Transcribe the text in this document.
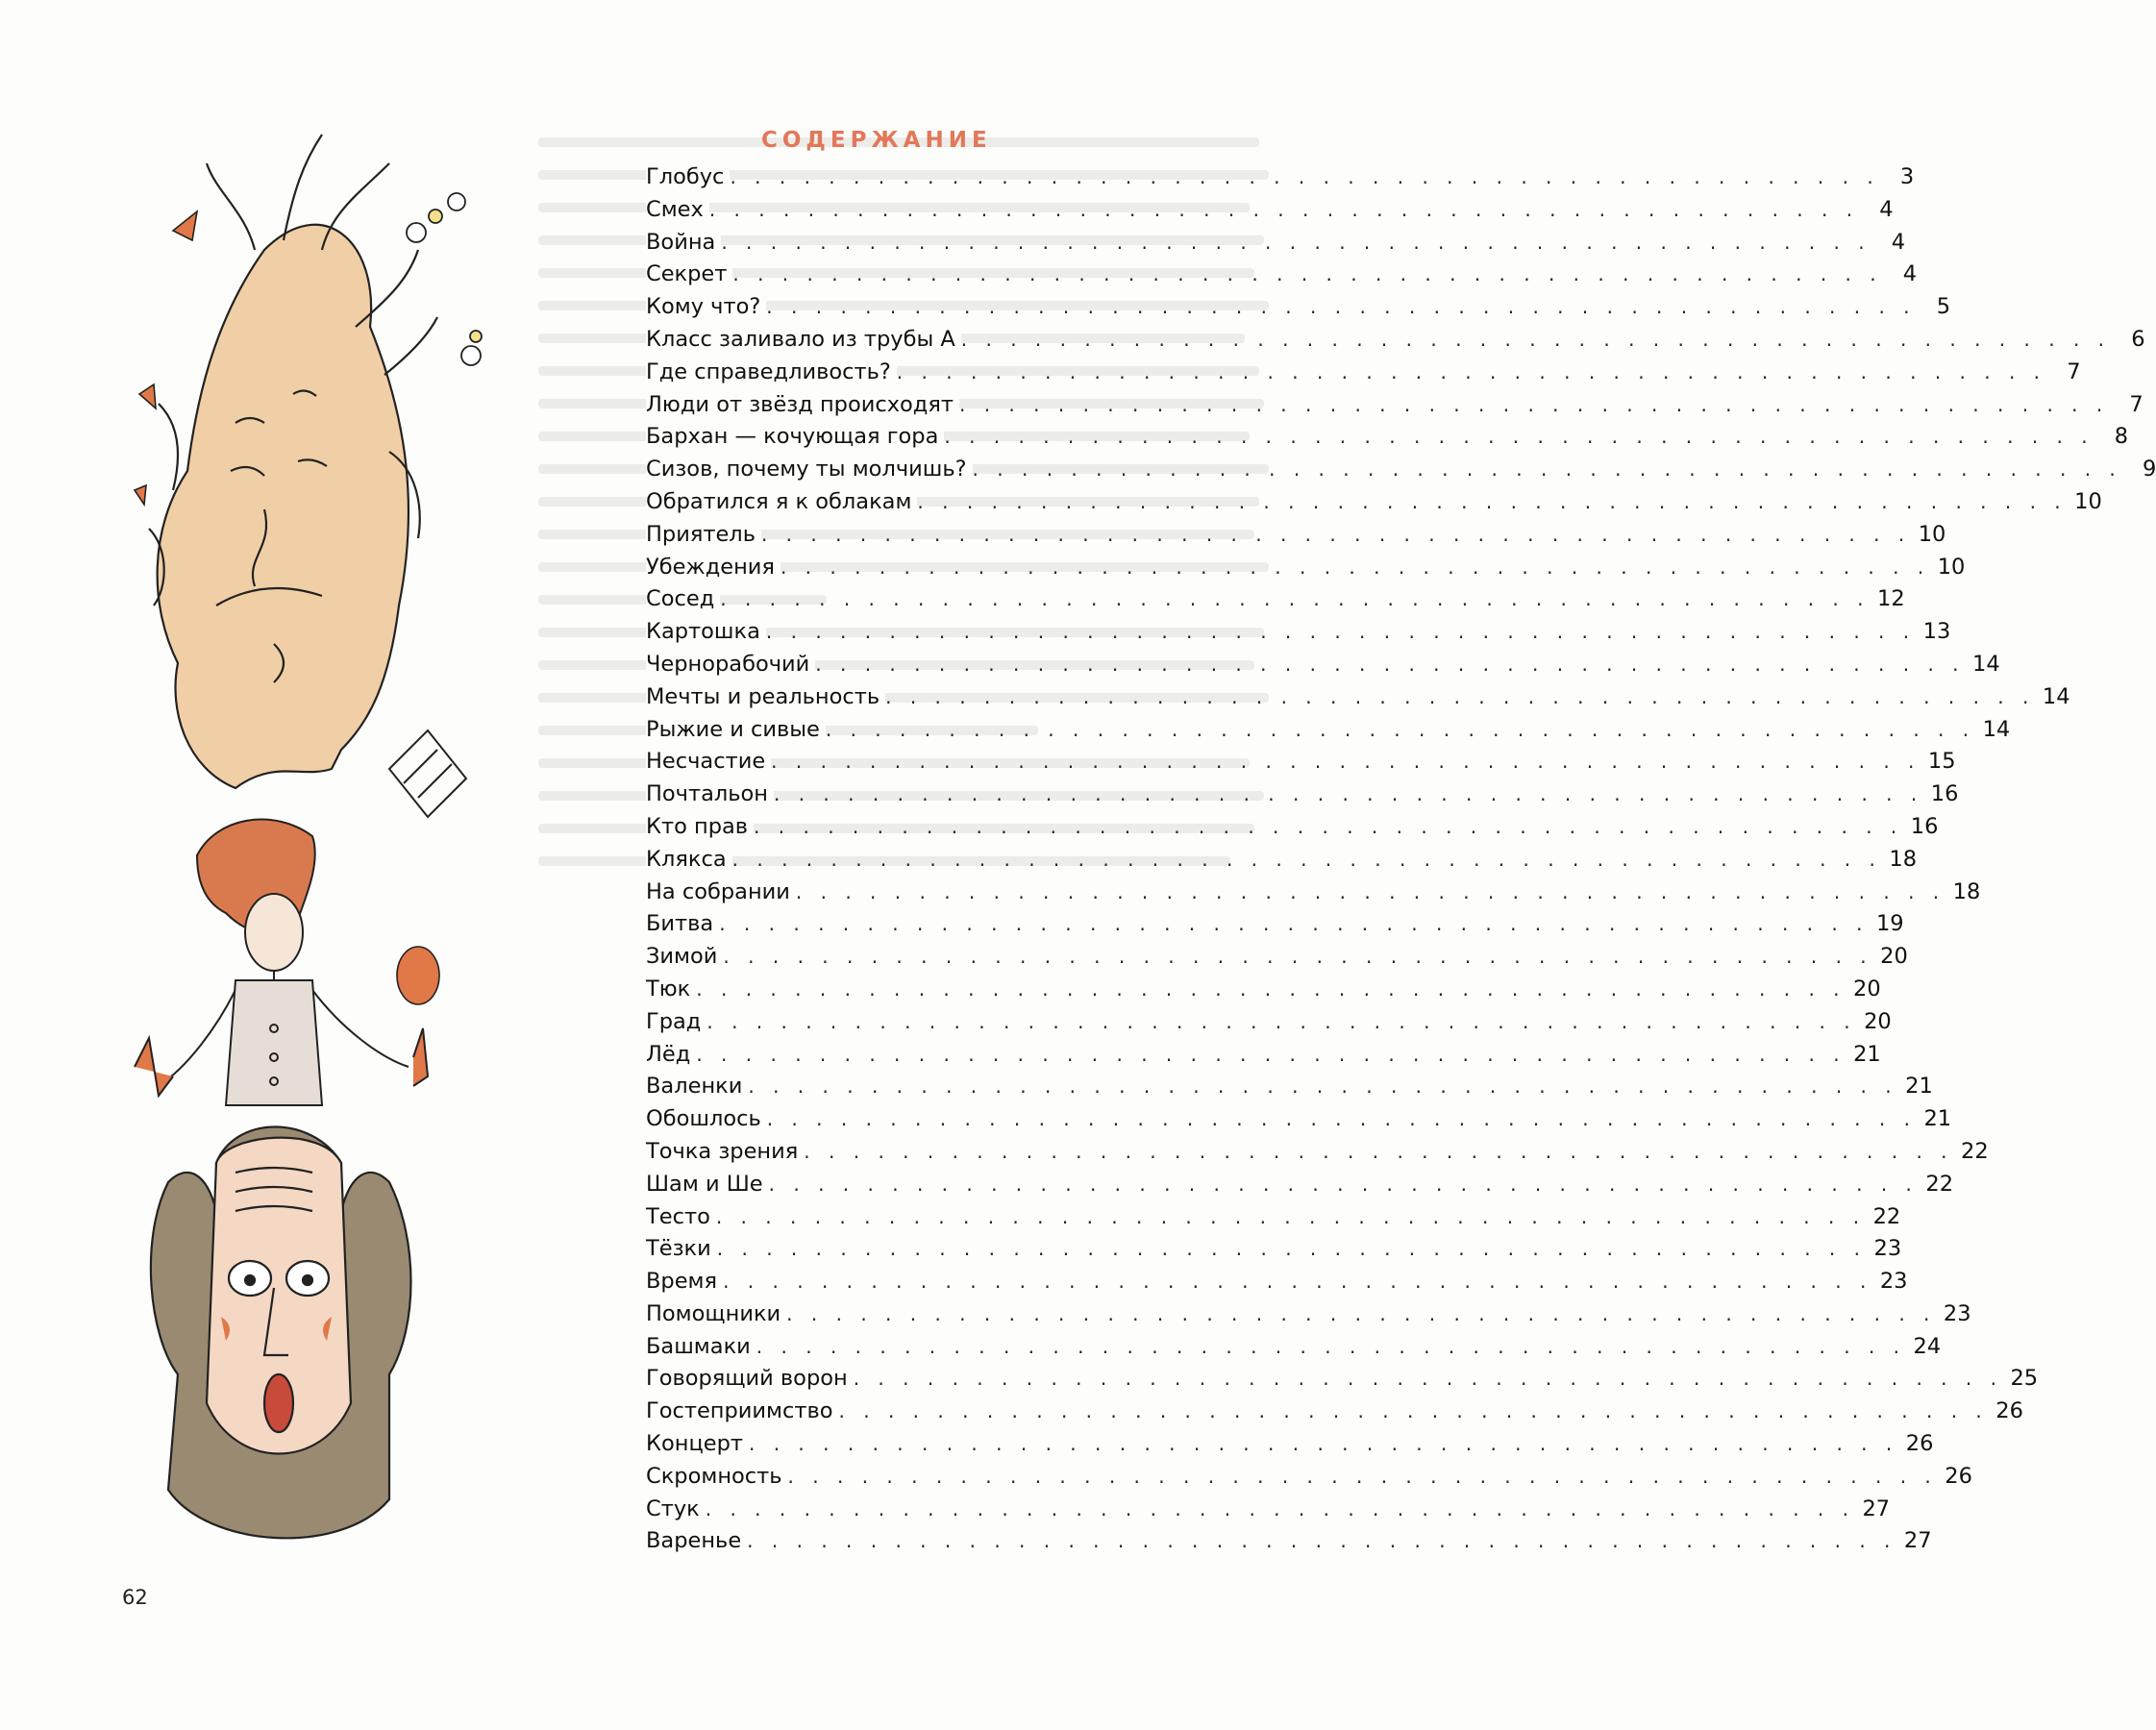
СОДЕРЖАНИЕ
Глобус . . . . . . . . . . . . . . . . . . . . . . . . . . . . . . . . . . . . . . . . . . . . . . . 3
Смех . . . . . . . . . . . . . . . . . . . . . . . . . . . . . . . . . . . . . . . . . . . . . . . 4
Война . . . . . . . . . . . . . . . . . . . . . . . . . . . . . . . . . . . . . . . . . . . . . . . 4
Секрет . . . . . . . . . . . . . . . . . . . . . . . . . . . . . . . . . . . . . . . . . . . . . . . 4
Кому что? . . . . . . . . . . . . . . . . . . . . . . . . . . . . . . . . . . . . . . . . . . . . . . . 5
Класс заливало из трубы А . . . . . . . . . . . . . . . . . . . . . . . . . . . . . . . . . . . . . . . . . . . . . . . 6
Где справедливость? . . . . . . . . . . . . . . . . . . . . . . . . . . . . . . . . . . . . . . . . . . . . . . . 7
Люди от звёзд происходят . . . . . . . . . . . . . . . . . . . . . . . . . . . . . . . . . . . . . . . . . . . . . . . 7
Бархан — кочующая гора . . . . . . . . . . . . . . . . . . . . . . . . . . . . . . . . . . . . . . . . . . . . . . . 8
Сизов, почему ты молчишь? . . . . . . . . . . . . . . . . . . . . . . . . . . . . . . . . . . . . . . . . . . . . . . . 9
Обратился я к облакам . . . . . . . . . . . . . . . . . . . . . . . . . . . . . . . . . . . . . . . . . . . . . . . 10
Приятель . . . . . . . . . . . . . . . . . . . . . . . . . . . . . . . . . . . . . . . . . . . . . . . 10
Убеждения . . . . . . . . . . . . . . . . . . . . . . . . . . . . . . . . . . . . . . . . . . . . . . . 10
Сосед . . . . . . . . . . . . . . . . . . . . . . . . . . . . . . . . . . . . . . . . . . . . . . . 12
Картошка . . . . . . . . . . . . . . . . . . . . . . . . . . . . . . . . . . . . . . . . . . . . . . . 13
Чернорабочий . . . . . . . . . . . . . . . . . . . . . . . . . . . . . . . . . . . . . . . . . . . . . . . 14
Мечты и реальность . . . . . . . . . . . . . . . . . . . . . . . . . . . . . . . . . . . . . . . . . . . . . . . 14
Рыжие и сивые . . . . . . . . . . . . . . . . . . . . . . . . . . . . . . . . . . . . . . . . . . . . . . . 14
Несчастие . . . . . . . . . . . . . . . . . . . . . . . . . . . . . . . . . . . . . . . . . . . . . . . 15
Почтальон . . . . . . . . . . . . . . . . . . . . . . . . . . . . . . . . . . . . . . . . . . . . . . . 16
Кто прав . . . . . . . . . . . . . . . . . . . . . . . . . . . . . . . . . . . . . . . . . . . . . . . 16
Клякса . . . . . . . . . . . . . . . . . . . . . . . . . . . . . . . . . . . . . . . . . . . . . . . 18
На собрании . . . . . . . . . . . . . . . . . . . . . . . . . . . . . . . . . . . . . . . . . . . . . . . 18
Битва . . . . . . . . . . . . . . . . . . . . . . . . . . . . . . . . . . . . . . . . . . . . . . . 19
Зимой . . . . . . . . . . . . . . . . . . . . . . . . . . . . . . . . . . . . . . . . . . . . . . . 20
Тюк . . . . . . . . . . . . . . . . . . . . . . . . . . . . . . . . . . . . . . . . . . . . . . . 20
Град . . . . . . . . . . . . . . . . . . . . . . . . . . . . . . . . . . . . . . . . . . . . . . . 20
Лёд . . . . . . . . . . . . . . . . . . . . . . . . . . . . . . . . . . . . . . . . . . . . . . . 21
Валенки . . . . . . . . . . . . . . . . . . . . . . . . . . . . . . . . . . . . . . . . . . . . . . . 21
Обошлось . . . . . . . . . . . . . . . . . . . . . . . . . . . . . . . . . . . . . . . . . . . . . . . 21
Точка зрения . . . . . . . . . . . . . . . . . . . . . . . . . . . . . . . . . . . . . . . . . . . . . . . 22
Шам и Ше . . . . . . . . . . . . . . . . . . . . . . . . . . . . . . . . . . . . . . . . . . . . . . . 22
Тесто . . . . . . . . . . . . . . . . . . . . . . . . . . . . . . . . . . . . . . . . . . . . . . . 22
Тёзки . . . . . . . . . . . . . . . . . . . . . . . . . . . . . . . . . . . . . . . . . . . . . . . 23
Время . . . . . . . . . . . . . . . . . . . . . . . . . . . . . . . . . . . . . . . . . . . . . . . 23
Помощники . . . . . . . . . . . . . . . . . . . . . . . . . . . . . . . . . . . . . . . . . . . . . . . 23
Башмаки . . . . . . . . . . . . . . . . . . . . . . . . . . . . . . . . . . . . . . . . . . . . . . . 24
Говорящий ворон . . . . . . . . . . . . . . . . . . . . . . . . . . . . . . . . . . . . . . . . . . . . . . . 25
Гостеприимство . . . . . . . . . . . . . . . . . . . . . . . . . . . . . . . . . . . . . . . . . . . . . . . 26
Концерт . . . . . . . . . . . . . . . . . . . . . . . . . . . . . . . . . . . . . . . . . . . . . . . 26
Скромность . . . . . . . . . . . . . . . . . . . . . . . . . . . . . . . . . . . . . . . . . . . . . . . 26
Стук . . . . . . . . . . . . . . . . . . . . . . . . . . . . . . . . . . . . . . . . . . . . . . . 27
Варенье . . . . . . . . . . . . . . . . . . . . . . . . . . . . . . . . . . . . . . . . . . . . . . . 27
62
